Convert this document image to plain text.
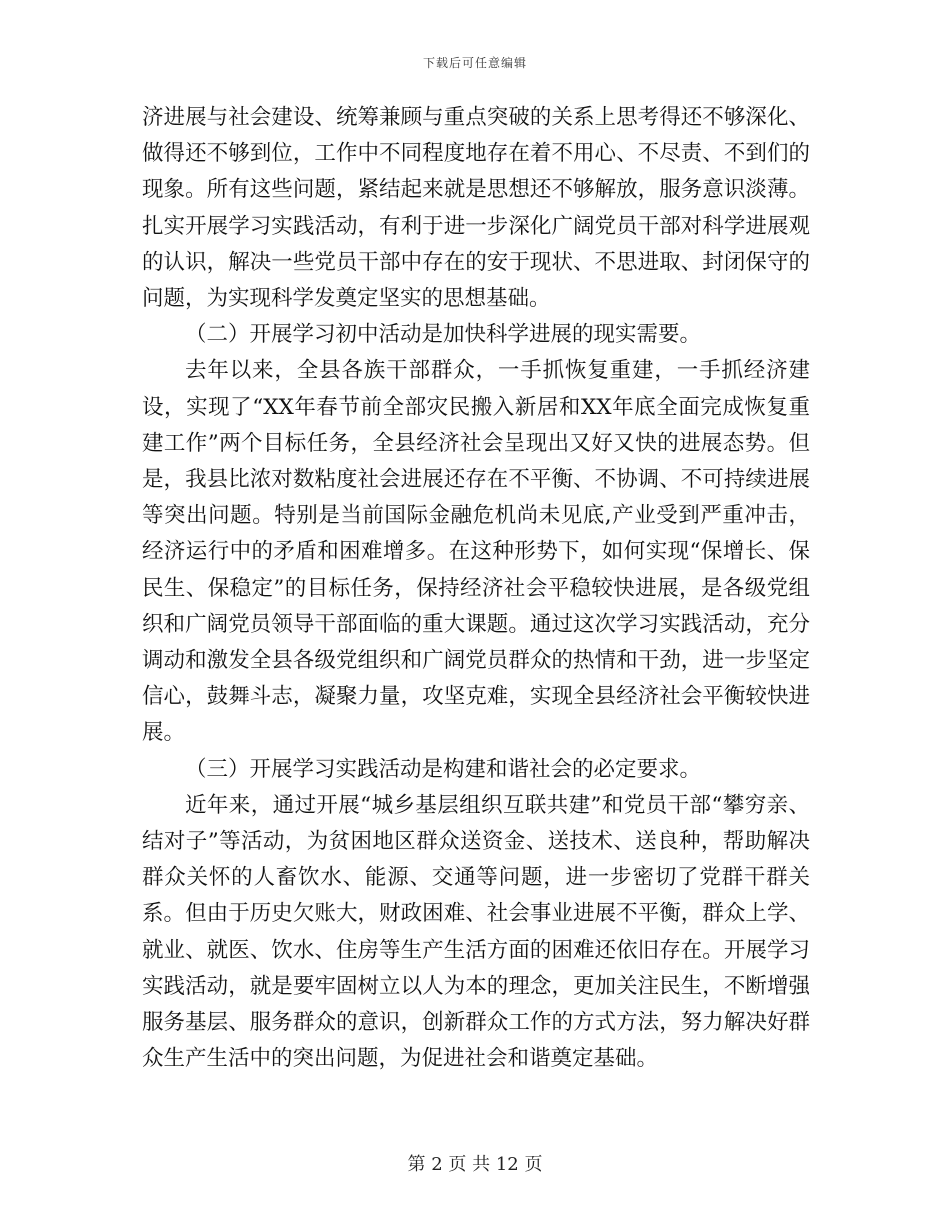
下载后可任意编辑

济进展与社会建设、统筹兼顾与重点突破的关系上思考得还不够深化、做得还不够到位，工作中不同程度地存在着不用心、不尽责、不到们的现象。所有这些问题，紧结起来就是思想还不够解放，服务意识淡薄。扎实开展学习实践活动，有利于进一步深化广阔党员干部对科学进展观的认识，解决一些党员干部中存在的安于现状、不思进取、封闭保守的问题，为实现科学发奠定坚实的思想基础。

（二）开展学习初中活动是加快科学进展的现实需要。

去年以来，全县各族干部群众，一手抓恢复重建，一手抓经济建设，实现了“XX年春节前全部灾民搬入新居和XX年底全面完成恢复重建工作”两个目标任务，全县经济社会呈现出又好又快的进展态势。但是，我县比浓对数粘度社会进展还存在不平衡、不协调、不可持续进展等突出问题。特别是当前国际金融危机尚未见底,产业受到严重冲击，经济运行中的矛盾和困难增多。在这种形势下，如何实现“保增长、保民生、保稳定”的目标任务，保持经济社会平稳较快进展，是各级党组织和广阔党员领导干部面临的重大课题。通过这次学习实践活动，充分调动和激发全县各级党组织和广阔党员群众的热情和干劲，进一步坚定信心，鼓舞斗志，凝聚力量，攻坚克难，实现全县经济社会平衡较快进展。

（三）开展学习实践活动是构建和谐社会的必定要求。

近年来，通过开展“城乡基层组织互联共建”和党员干部“攀穷亲、结对子”等活动，为贫困地区群众送资金、送技术、送良种，帮助解决群众关怀的人畜饮水、能源、交通等问题，进一步密切了党群干群关系。但由于历史欠账大，财政困难、社会事业进展不平衡，群众上学、就业、就医、饮水、住房等生产生活方面的困难还依旧存在。开展学习实践活动，就是要牢固树立以人为本的理念，更加关注民生，不断增强服务基层、服务群众的意识，创新群众工作的方式方法，努力解决好群众生产生活中的突出问题，为促进社会和谐奠定基础。

第 2 页 共 12 页
